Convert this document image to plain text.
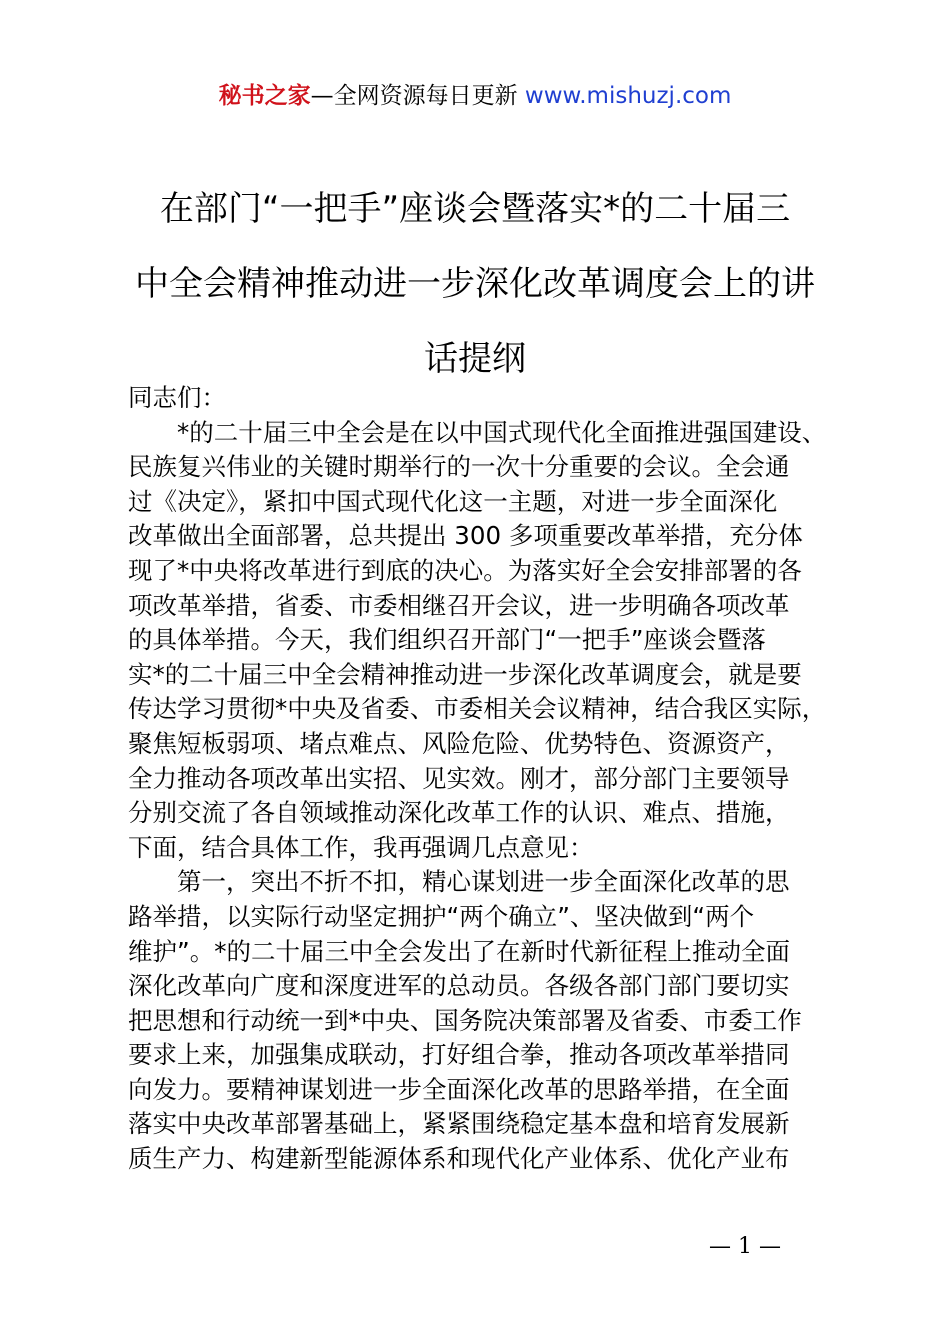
秘书之家—全网资源每日更新 www.mishuzj.com
在部门“一把手”座谈会暨落实*的二十届三
中全会精神推动进一步深化改革调度会上的讲
话提纲
同志们：
　　*的二十届三中全会是在以中国式现代化全面推进强国建设、
民族复兴伟业的关键时期举行的一次十分重要的会议。全会通
过《决定》，紧扣中国式现代化这一主题，对进一步全面深化
改革做出全面部署，总共提出 300 多项重要改革举措，充分体
现了*中央将改革进行到底的决心。为落实好全会安排部署的各
项改革举措，省委、市委相继召开会议，进一步明确各项改革
的具体举措。今天，我们组织召开部门“一把手”座谈会暨落
实*的二十届三中全会精神推动进一步深化改革调度会，就是要
传达学习贯彻*中央及省委、市委相关会议精神，结合我区实际，
聚焦短板弱项、堵点难点、风险危险、优势特色、资源资产，
全力推动各项改革出实招、见实效。刚才，部分部门主要领导
分别交流了各自领域推动深化改革工作的认识、难点、措施，
下面，结合具体工作，我再强调几点意见：
　　第一，突出不折不扣，精心谋划进一步全面深化改革的思
路举措，以实际行动坚定拥护“两个确立”、坚决做到“两个
维护”。*的二十届三中全会发出了在新时代新征程上推动全面
深化改革向广度和深度进军的总动员。各级各部门部门要切实
把思想和行动统一到*中央、国务院决策部署及省委、市委工作
要求上来，加强集成联动，打好组合拳，推动各项改革举措同
向发力。要精神谋划进一步全面深化改革的思路举措，在全面
落实中央改革部署基础上，紧紧围绕稳定基本盘和培育发展新
质生产力、构建新型能源体系和现代化产业体系、优化产业布
— 1 —
